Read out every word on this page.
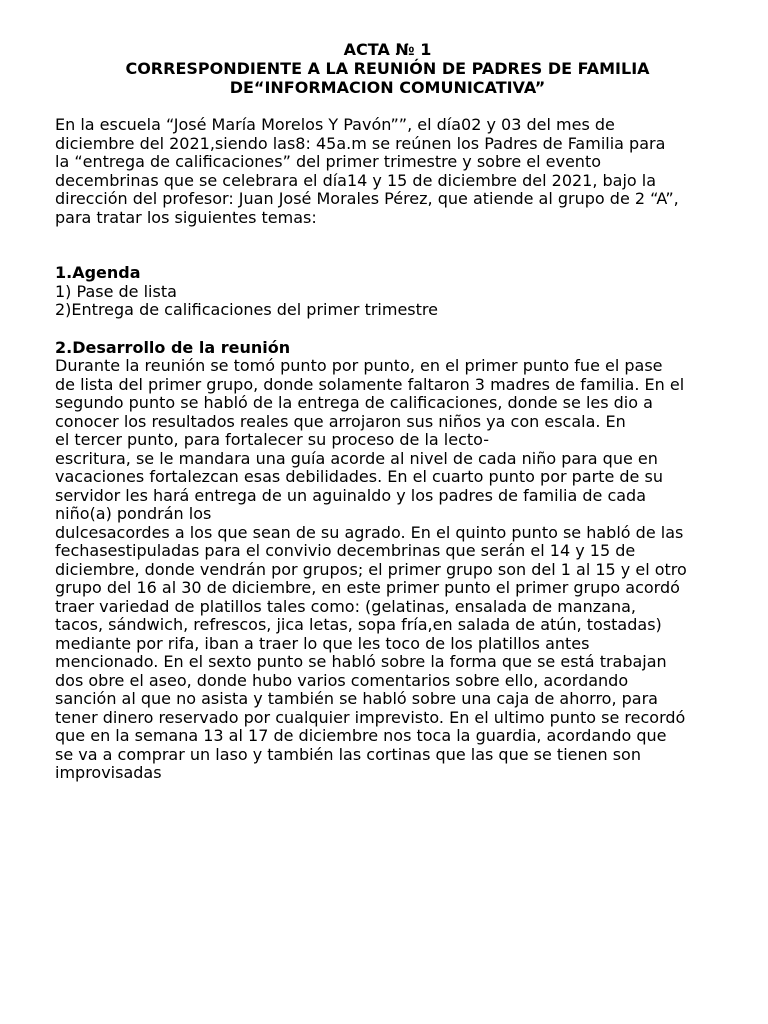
ACTA № 1
CORRESPONDIENTE A LA REUNIÓN DE PADRES DE FAMILIA
DE“INFORMACION COMUNICATIVA”
En la escuela “José María Morelos Y Pavón””, el día02 y 03 del mes de
diciembre del 2021,siendo las8: 45a.m se reúnen los Padres de Familia para
la “entrega de calificaciones” del primer trimestre y sobre el evento
decembrinas que se celebrara el día14 y 15 de diciembre del 2021, bajo la
dirección del profesor: Juan José Morales Pérez, que atiende al grupo de 2 “A”,
para tratar los siguientes temas:
1.Agenda
1) Pase de lista
2)Entrega de calificaciones del primer trimestre
2.Desarrollo de la reunión
Durante la reunión se tomó punto por punto, en el primer punto fue el pase
de lista del primer grupo, donde solamente faltaron 3 madres de familia. En el
segundo punto se habló de la entrega de calificaciones, donde se les dio a
conocer los resultados reales que arrojaron sus niños ya con escala. En
el tercer punto, para fortalecer su proceso de la lecto-
escritura, se le mandara una guía acorde al nivel de cada niño para que en
vacaciones fortalezcan esas debilidades. En el cuarto punto por parte de su
servidor les hará entrega de un aguinaldo y los padres de familia de cada
niño(a) pondrán los
dulcesacordes a los que sean de su agrado. En el quinto punto se habló de las
fechasestipuladas para el convivio decembrinas que serán el 14 y 15 de
diciembre, donde vendrán por grupos; el primer grupo son del 1 al 15 y el otro
grupo del 16 al 30 de diciembre, en este primer punto el primer grupo acordó
traer variedad de platillos tales como: (gelatinas, ensalada de manzana,
tacos, sándwich, refrescos, jica letas, sopa fría,en salada de atún, tostadas)
mediante por rifa, iban a traer lo que les toco de los platillos antes
mencionado. En el sexto punto se habló sobre la forma que se está trabajan
dos obre el aseo, donde hubo varios comentarios sobre ello, acordando
sanción al que no asista y también se habló sobre una caja de ahorro, para
tener dinero reservado por cualquier imprevisto. En el ultimo punto se recordó
que en la semana 13 al 17 de diciembre nos toca la guardia, acordando que
se va a comprar un laso y también las cortinas que las que se tienen son
improvisadas
